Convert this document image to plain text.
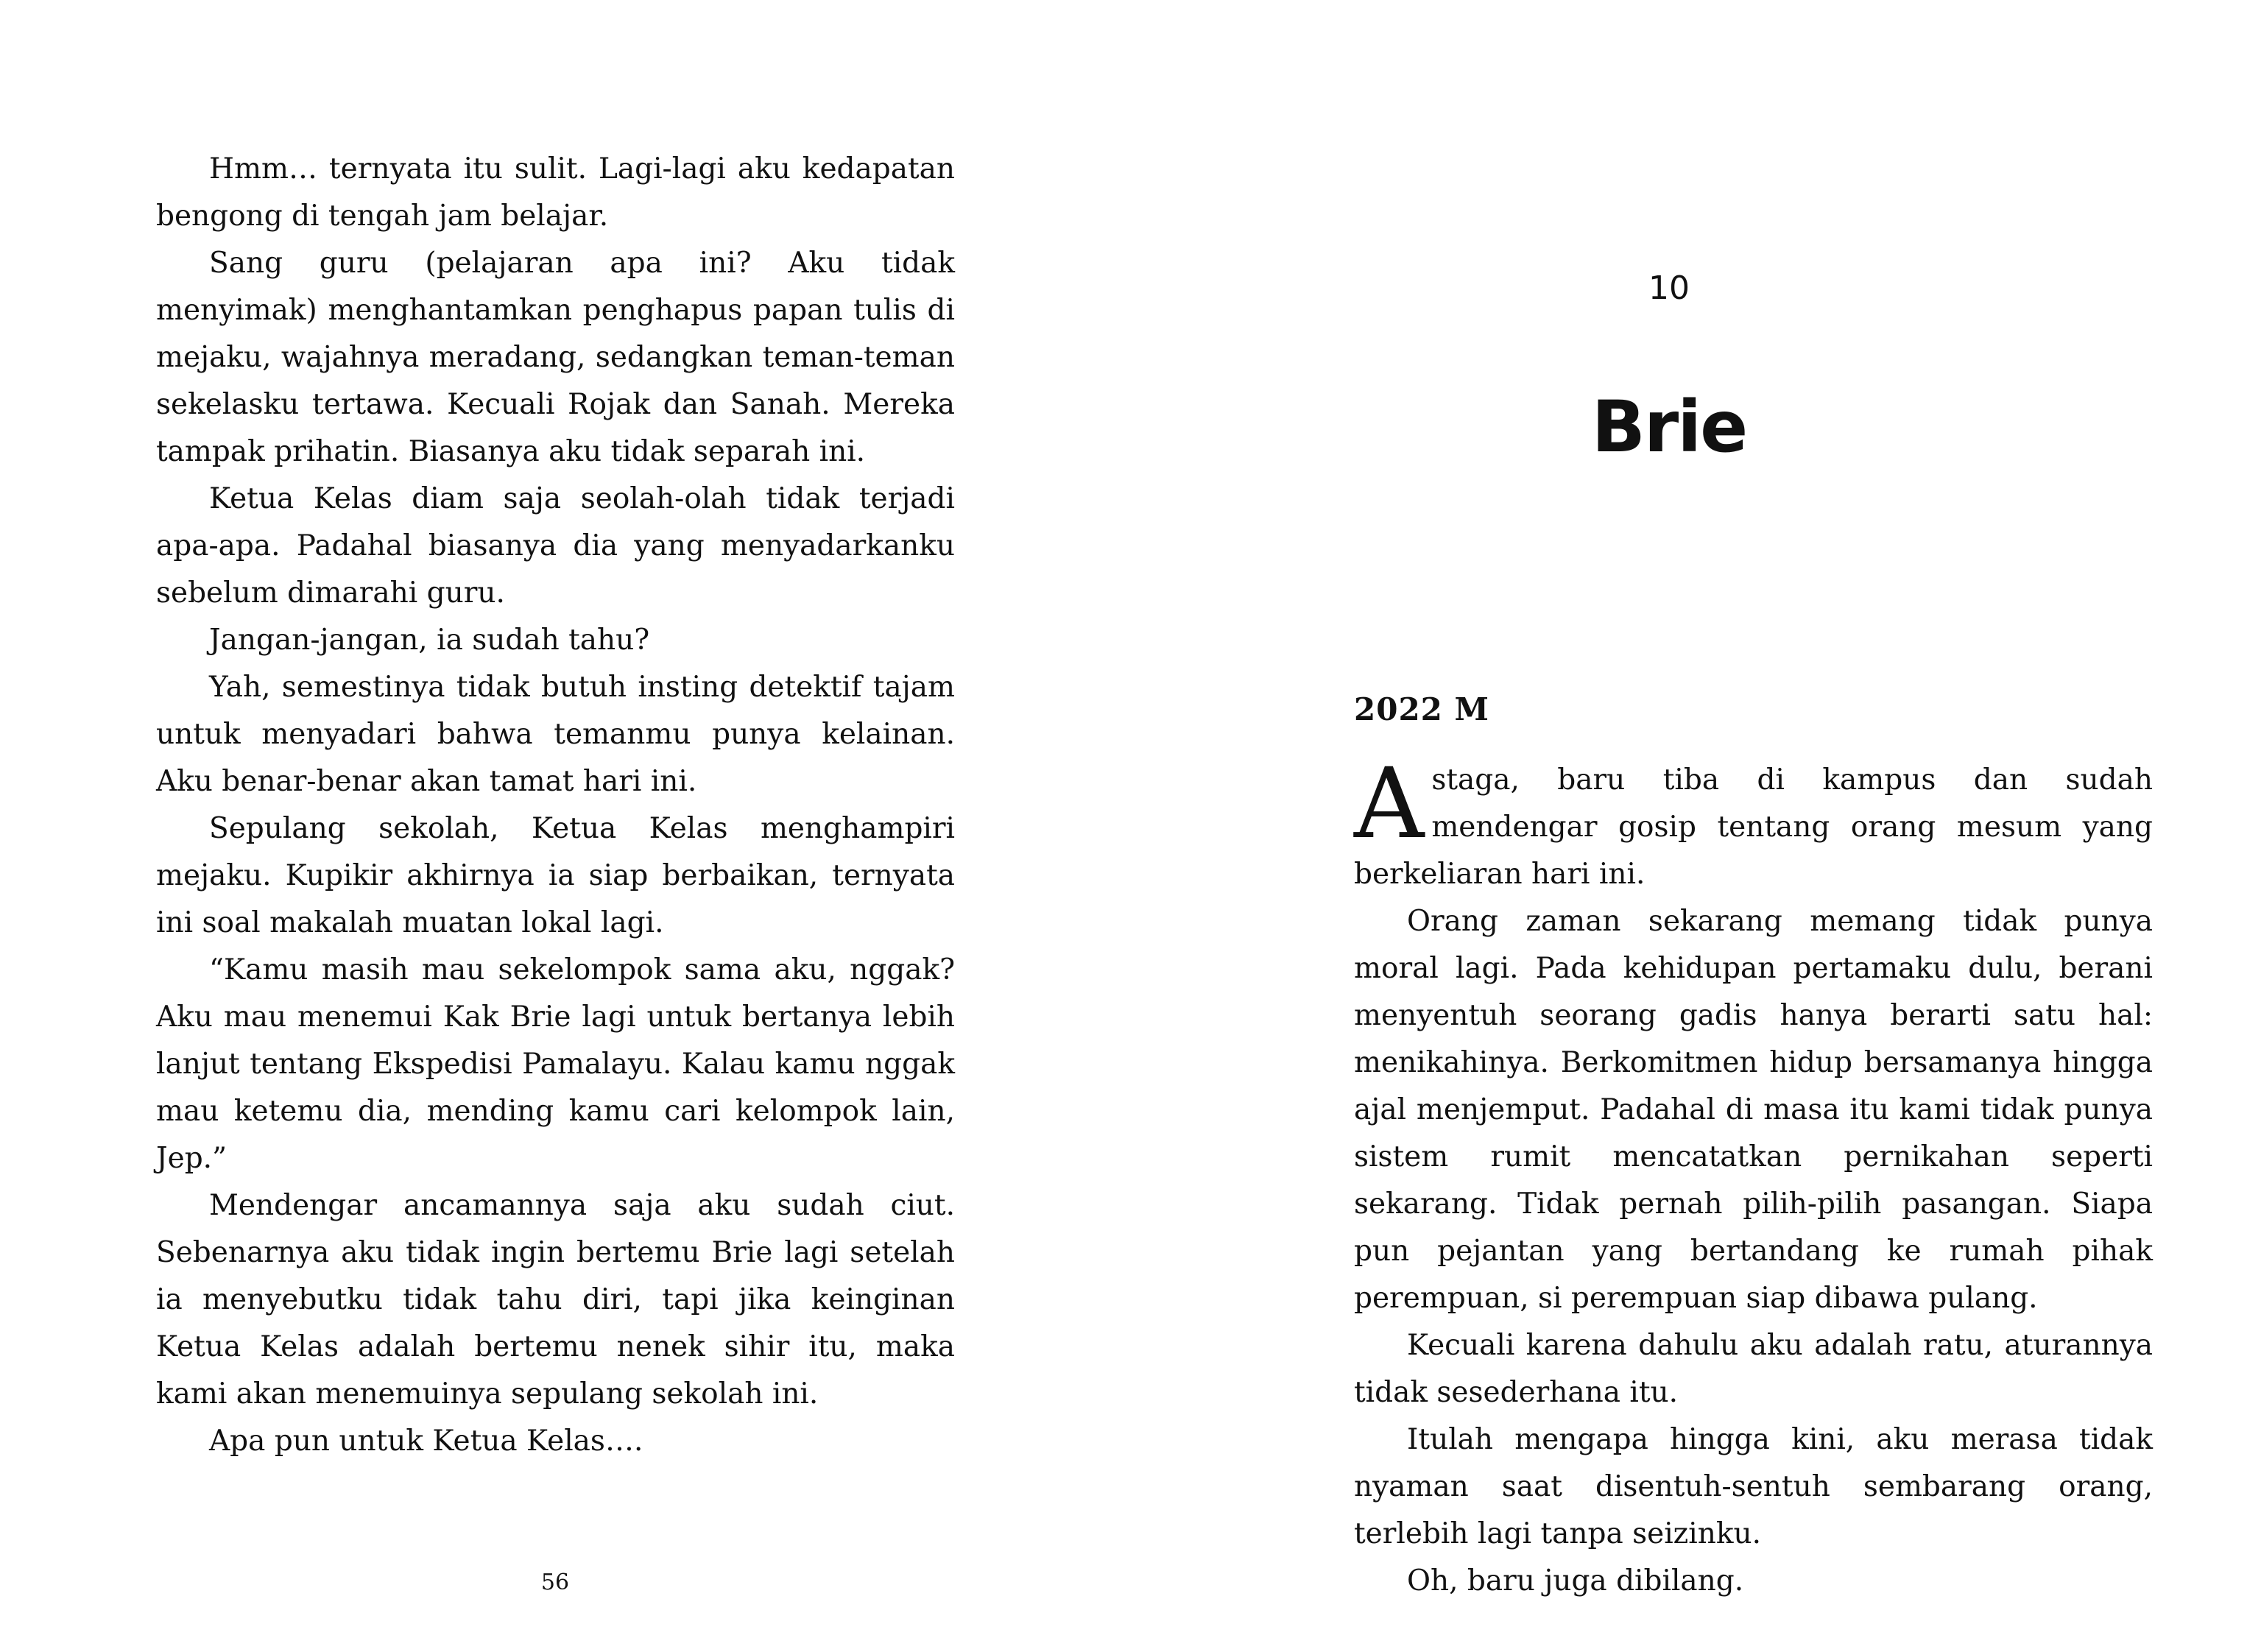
Hmm… ternyata itu sulit. Lagi-lagi aku kedapatan bengong di tengah jam belajar.

Sang guru (pelajaran apa ini? Aku tidak menyimak) menghantamkan penghapus papan tulis di mejaku, wajahnya meradang, sedangkan teman-teman sekelasku tertawa. Kecuali Rojak dan Sanah. Mereka tampak prihatin. Biasanya aku tidak separah ini.

Ketua Kelas diam saja seolah-olah tidak terjadi apa-apa. Padahal biasanya dia yang menyadarkanku sebelum dimarahi guru.

Jangan-jangan, ia sudah tahu?

Yah, semestinya tidak butuh insting detektif tajam untuk menyadari bahwa temanmu punya kelainan. Aku benar-benar akan tamat hari ini.

Sepulang sekolah, Ketua Kelas menghampiri mejaku. Kupikir akhirnya ia siap berbaikan, ternyata ini soal makalah muatan lokal lagi.

“Kamu masih mau sekelompok sama aku, nggak? Aku mau menemui Kak Brie lagi untuk bertanya lebih lanjut tentang Ekspedisi Pamalayu. Kalau kamu nggak mau ketemu dia, mending kamu cari kelompok lain, Jep.”

Mendengar ancamannya saja aku sudah ciut. Sebenarnya aku tidak ingin bertemu Brie lagi setelah ia menyebutku tidak tahu diri, tapi jika keinginan Ketua Kelas adalah bertemu nenek sihir itu, maka kami akan menemuinya sepulang sekolah ini.

Apa pun untuk Ketua Kelas….

56
10
Brie
2022 M

Astaga, baru tiba di kampus dan sudah mendengar gosip tentang orang mesum yang berkeliaran hari ini.

Orang zaman sekarang memang tidak punya moral lagi. Pada kehidupan pertamaku dulu, berani menyentuh seorang gadis hanya berarti satu hal: menikahinya. Berkomitmen hidup bersamanya hingga ajal menjemput. Padahal di masa itu kami tidak punya sistem rumit mencatatkan pernikahan seperti sekarang. Tidak pernah pilih-pilih pasangan. Siapa pun pejantan yang bertandang ke rumah pihak perempuan, si perempuan siap dibawa pulang.

Kecuali karena dahulu aku adalah ratu, aturannya tidak sesederhana itu.

Itulah mengapa hingga kini, aku merasa tidak nyaman saat disentuh-sentuh sembarang orang, terlebih lagi tanpa seizinku.

Oh, baru juga dibilang.
